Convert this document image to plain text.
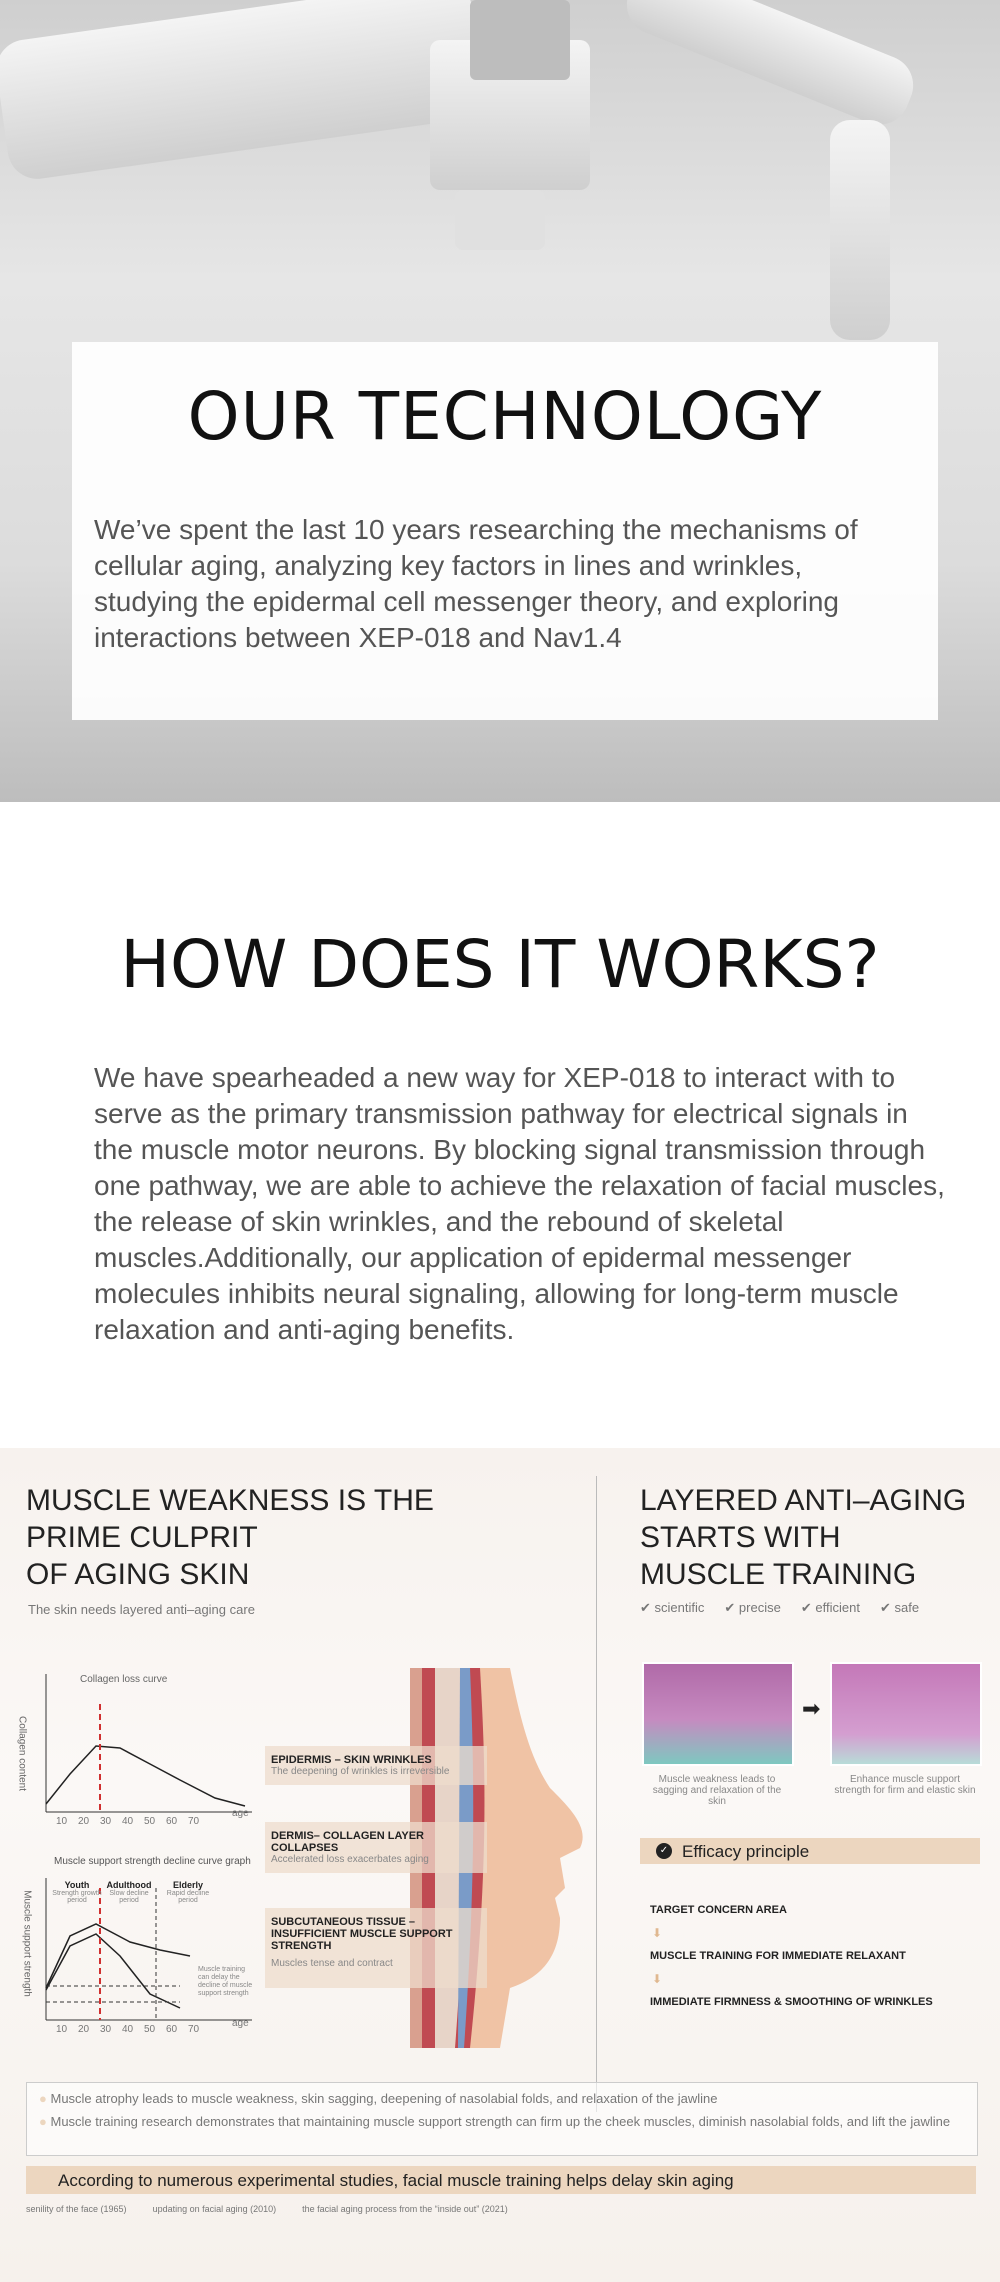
OUR TECHNOLOGY
We’ve spent the last 10 years researching the mechanisms of cellular aging, analyzing key factors in lines and wrinkles, studying the epidermal cell messenger theory, and exploring interactions between XEP-018 and Nav1.4
HOW DOES IT WORKS?
We have spearheaded a new way for XEP-018 to interact with to serve as the primary transmission pathway for electrical signals in the muscle motor neurons. By blocking signal transmission through one pathway, we are able to achieve the relaxation of facial muscles, the release of skin wrinkles, and the rebound of skeletal muscles.Additionally, our application of epidermal messenger molecules inhibits neural signaling, allowing for long-term muscle relaxation and anti-aging benefits.
MUSCLE WEAKNESS IS THE
PRIME CULPRIT
OF AGING SKIN
The skin needs layered anti–aging care
Collagen loss curve
Collagen content
10	20	30	40	50	60	70
age
Muscle support strength decline curve graph
Muscle support strength
Youth
Strength growth period
Adulthood
Slow decline period
Elderly
Rapid decline period
Muscle training can delay the decline of muscle support strength
10	20	30	40	50	60	70
age
EPIDERMIS – SKIN WRINKLES
The deepening of wrinkles is irreversible
DERMIS– COLLAGEN LAYER COLLAPSES
Accelerated loss exacerbates aging
SUBCUTANEOUS TISSUE –INSUFFICIENT MUSCLE SUPPORT STRENGTH
Muscles tense and contract
LAYERED ANTI–AGING
STARTS WITH
MUSCLE TRAINING
✔ scientific ✔ precise ✔ efficient ✔ safe
➡
Muscle weakness leads to sagging and relaxation of the skin
Enhance muscle support strength for firm and elastic skin
✓ Efficacy principle
TARGET CONCERN AREA
⬇
MUSCLE TRAINING FOR IMMEDIATE RELAXANT
⬇
IMMEDIATE FIRMNESS & SMOOTHING OF WRINKLES
● Muscle atrophy leads to muscle weakness, skin sagging, deepening of nasolabial folds, and relaxation of the jawline
● Muscle training research demonstrates that maintaining muscle support strength can firm up the cheek muscles, diminish nasolabial folds, and lift the jawline
According to numerous experimental studies, facial muscle training helps delay skin aging
senility of the face (1965)	updating on facial aging (2010)	the facial aging process from the “inside out” (2021)
